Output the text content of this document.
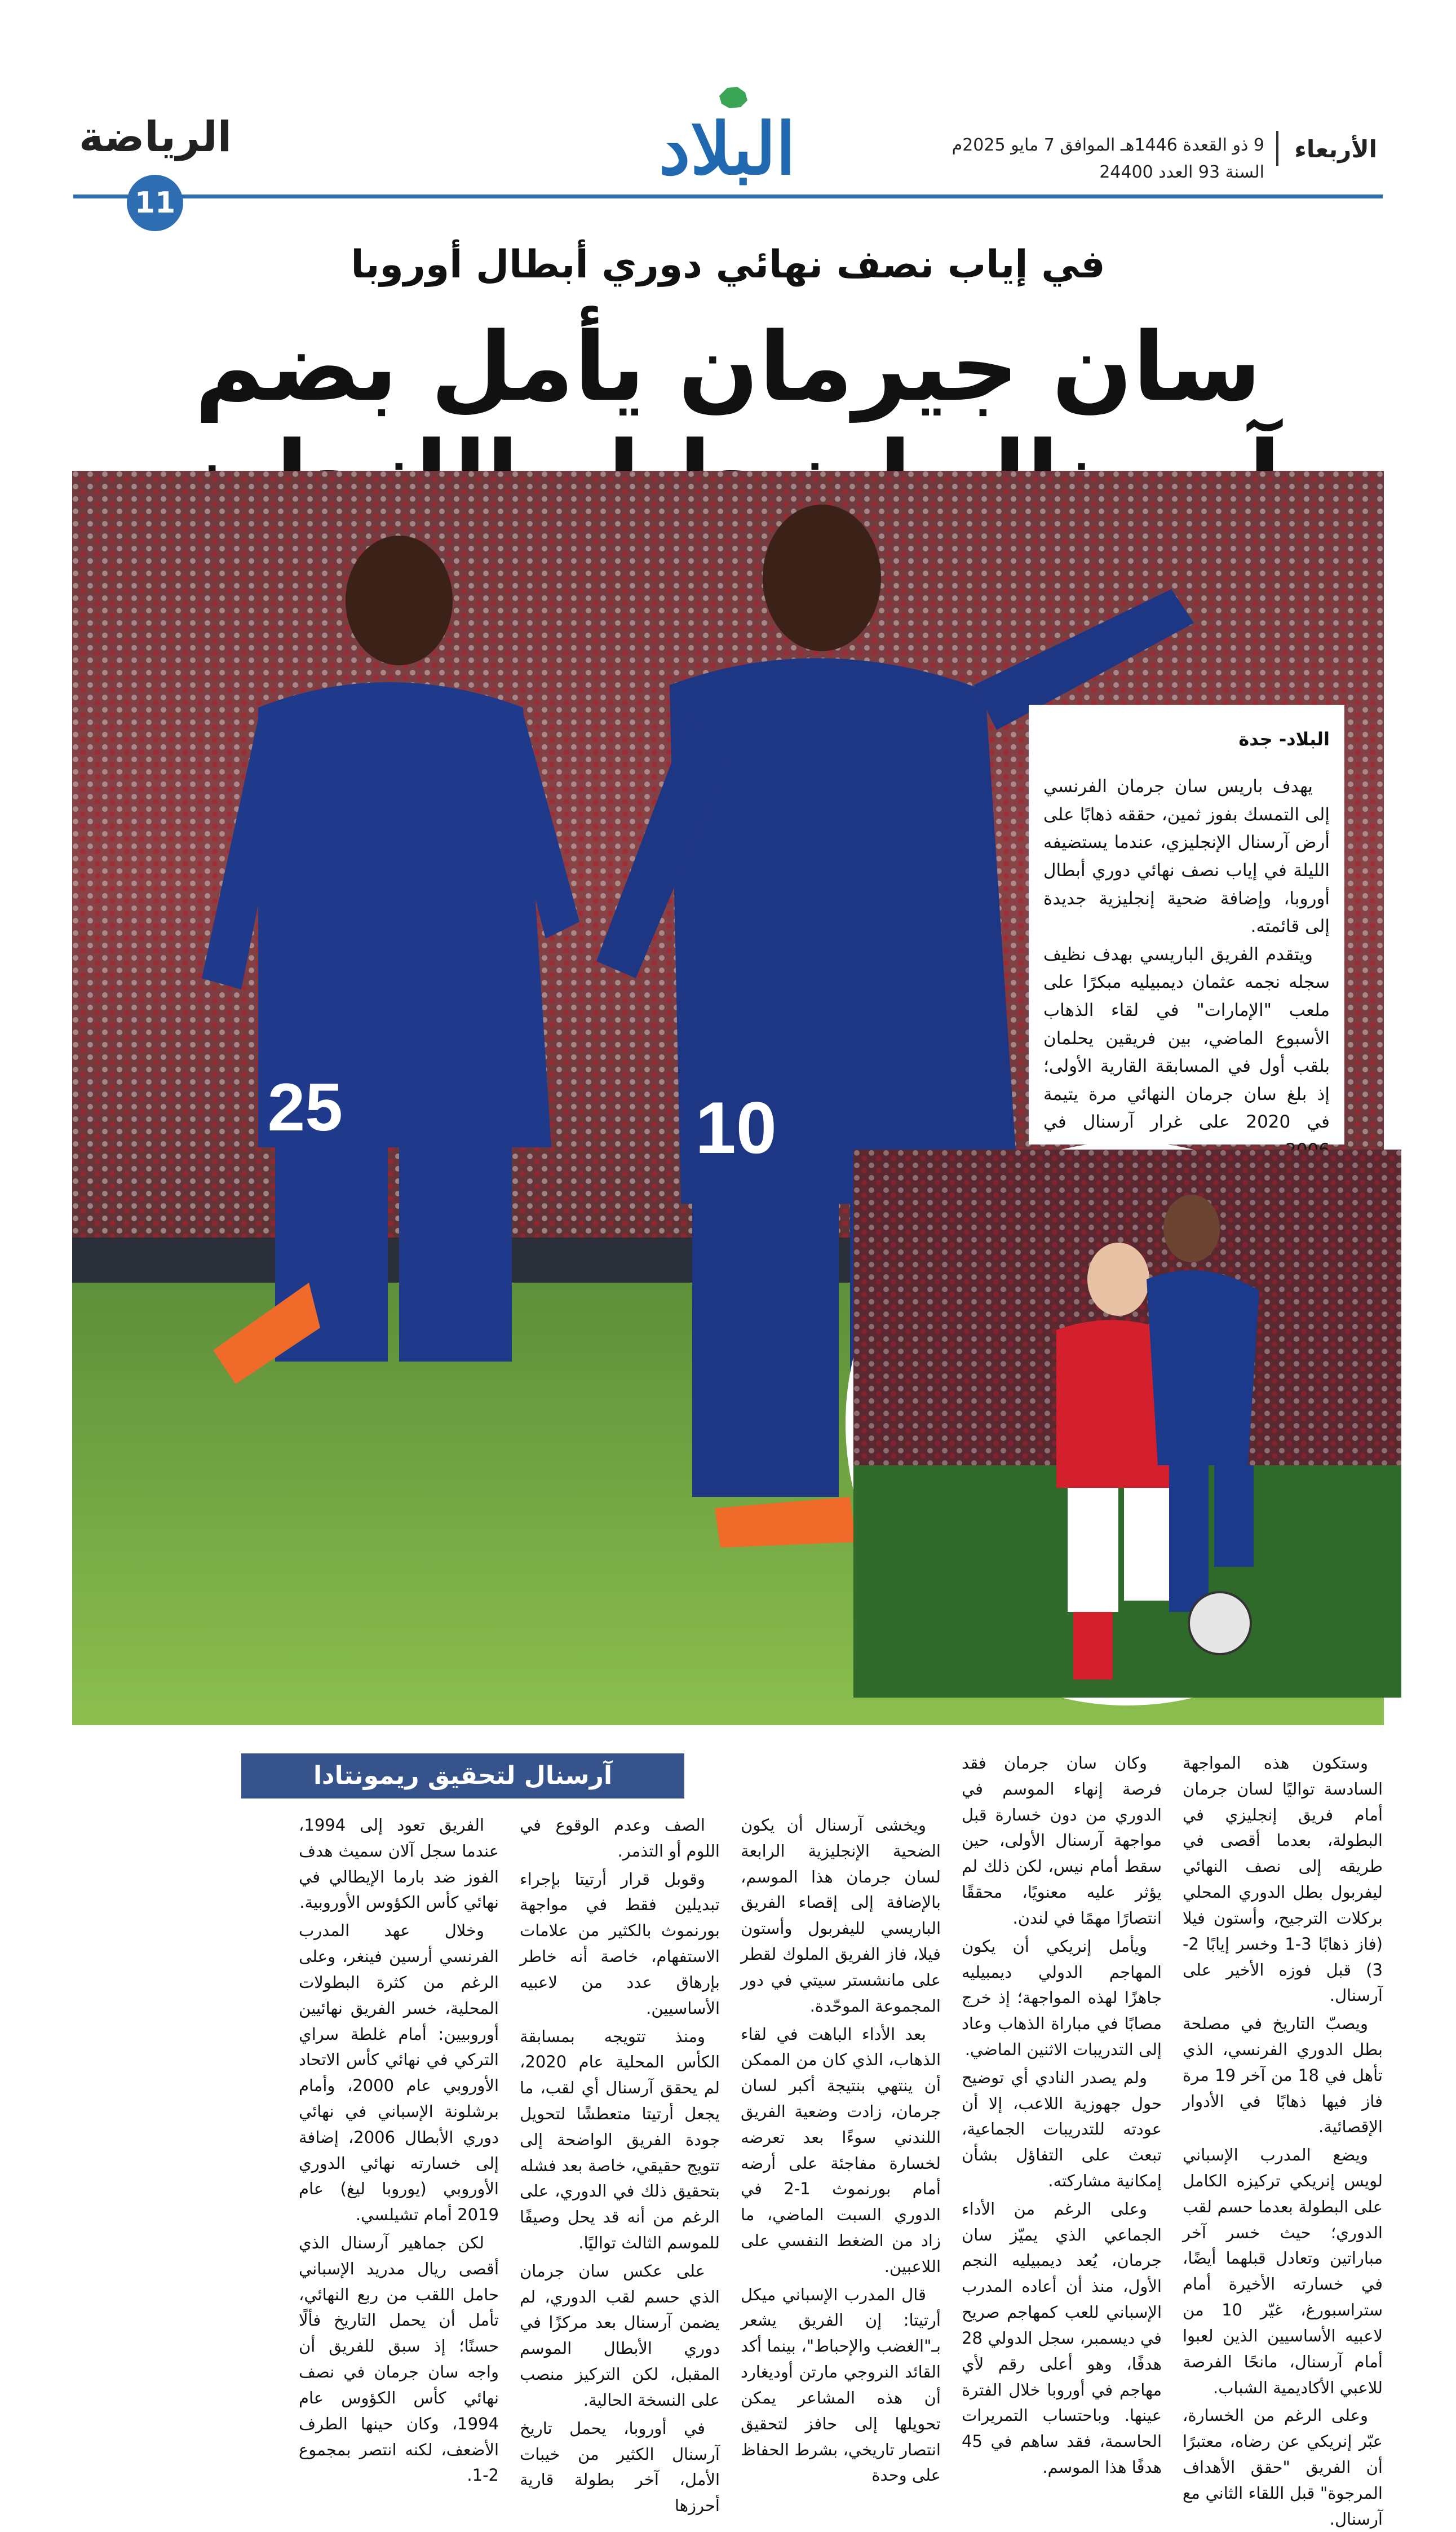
الأربعاء
9 ذو القعدة 1446هـ الموافق 7 مايو 2025م
السنة 93 العدد 24400
البلاد
الرياضة
11
في إياب نصف نهائي دوري أبطال أوروبا
سان جيرمان يأمل بضم
25	10
البلاد- جدة

يهدف باريس سان جرمان الفرنسي إلى التمسك بفوز ثمين، حققه ذهابًا على أرض آرسنال الإنجليزي، عندما يستضيفه الليلة في إياب نصف نهائي دوري أبطال أوروبا، وإضافة ضحية إنجليزية جديدة إلى قائمته.

ويتقدم الفريق الباريسي بهدف نظيف سجله نجمه عثمان ديمبيليه مبكرًا على ملعب "الإمارات" في لقاء الذهاب الأسبوع الماضي، بين فريقين يحلمان بلقب أول في المسابقة القارية الأولى؛ إذ بلغ سان جرمان النهائي مرة يتيمة في 2020 على غرار آرسنال في

آرسنال لتحقيق ريمونتادا	وستكون هذه المواجهة السادسة تواليًا لسان جرمان أمام فريق إنجليزي في البطولة، بعدما أقصى في طريقه إلى نصف النهائي ليفربول بطل الدوري المحلي بركلات الترجيح، وأستون فيلا (فاز ذهابًا 3-1 وخسر إيابًا 2-3) قبل فوزه الأخير على آرسنال.

ويصبّ التاريخ في مصلحة بطل الدوري الفرنسي، الذي تأهل في 18 من آخر 19 مرة فاز فيها ذهابًا في الأدوار الإقصائية.

ويضع المدرب الإسباني لويس إنريكي تركيزه الكامل على البطولة بعدما حسم لقب الدوري؛ حيث خسر آخر مباراتين وتعادل قبلهما أيضًا، في خسارته الأخيرة أمام ستراسبورغ، غيّر 10 من لاعبيه الأساسيين الذين لعبوا أمام آرسنال، مانحًا الفرصة للاعبي الأكاديمية الشباب.

وعلى الرغم من الخسارة، عبّر إنريكي عن رضاه، معتبرًا أن الفريق "حقق الأهداف المرجوة" قبل اللقاء الثاني مع آرسنال.

وكان سان جرمان فقد فرصة إنهاء الموسم في الدوري من دون خسارة قبل مواجهة آرسنال الأولى، حين سقط أمام نيس، لكن ذلك لم يؤثر عليه معنويًا، محققًا انتصارًا مهمًا في لندن.

ويأمل إنريكي أن يكون المهاجم الدولي ديمبيليه جاهزًا لهذه المواجهة؛ إذ خرج مصابًا في مباراة الذهاب وعاد إلى التدريبات الاثنين الماضي.

ولم يصدر النادي أي توضيح حول جهوزية اللاعب، إلا أن عودته للتدريبات الجماعية، تبعث على التفاؤل بشأن إمكانية مشاركته.

وعلى الرغم من الأداء الجماعي الذي يميّز سان جرمان، يُعد ديمبيليه النجم الأول، منذ أن أعاده المدرب الإسباني للعب كمهاجم صريح في ديسمبر، سجل الدولي 28 هدفًا، وهو أعلى رقم لأي مهاجم في أوروبا خلال الفترة عينها. وباحتساب التمريرات الحاسمة، فقد ساهم في 45 هدفًا هذا الموسم.

ويخشى آرسنال أن يكون الضحية الإنجليزية الرابعة لسان جرمان هذا الموسم، بالإضافة إلى إقصاء الفريق الباريسي لليفربول وأستون فيلا، فاز الفريق الملوك لقطر على مانشستر سيتي في دور المجموعة الموحّدة.

بعد الأداء الباهت في لقاء الذهاب، الذي كان من الممكن أن ينتهي بنتيجة أكبر لسان جرمان، زادت وضعية الفريق اللندني سوءًا بعد تعرضه لخسارة مفاجئة على أرضه أمام بورنموث 1-2 في الدوري السبت الماضي، ما زاد من الضغط النفسي على اللاعبين.

قال المدرب الإسباني ميكل أرتيتا: إن الفريق يشعر بـ"الغضب والإحباط"، بينما أكد القائد النروجي مارتن أوديغارد أن هذه المشاعر يمكن تحويلها إلى حافز لتحقيق انتصار تاريخي، بشرط الحفاظ على وحدة

الصف وعدم الوقوع في اللوم أو التذمر.

وقوبل قرار أرتيتا بإجراء تبديلين فقط في مواجهة بورنموث بالكثير من علامات الاستفهام، خاصة أنه خاطر بإرهاق عدد من لاعبيه الأساسيين.

ومنذ تتويجه بمسابقة الكأس المحلية عام 2020، لم يحقق آرسنال أي لقب، ما يجعل أرتيتا متعطشًا لتحويل جودة الفريق الواضحة إلى تتويج حقيقي، خاصة بعد فشله بتحقيق ذلك في الدوري، على الرغم من أنه قد يحل وصيفًا للموسم الثالث تواليًا.

على عكس سان جرمان الذي حسم لقب الدوري، لم يضمن آرسنال بعد مركزًا في دوري الأبطال الموسم المقبل، لكن التركيز منصب على النسخة الحالية.

في أوروبا، يحمل تاريخ آرسنال الكثير من خيبات الأمل، آخر بطولة قارية أحرزها

الفريق تعود إلى 1994، عندما سجل آلان سميث هدف الفوز ضد بارما الإيطالي في نهائي كأس الكؤوس الأوروبية.

وخلال عهد المدرب الفرنسي أرسين فينغر، وعلى الرغم من كثرة البطولات المحلية، خسر الفريق نهائيين أوروبيين: أمام غلطة سراي التركي في نهائي كأس الاتحاد الأوروبي عام 2000، وأمام برشلونة الإسباني في نهائي دوري الأبطال 2006، إضافة إلى خسارته نهائي الدوري الأوروبي (يوروبا ليغ) عام 2019 أمام تشيلسي.

لكن جماهير آرسنال الذي أقصى ريال مدريد الإسباني حامل اللقب من ربع النهائي، تأمل أن يحمل التاريخ فألًا حسنًا؛ إذ سبق للفريق أن واجه سان جرمان في نصف نهائي كأس الكؤوس عام 1994، وكان حينها الطرف الأضعف، لكنه انتصر بمجموع 2-1.
